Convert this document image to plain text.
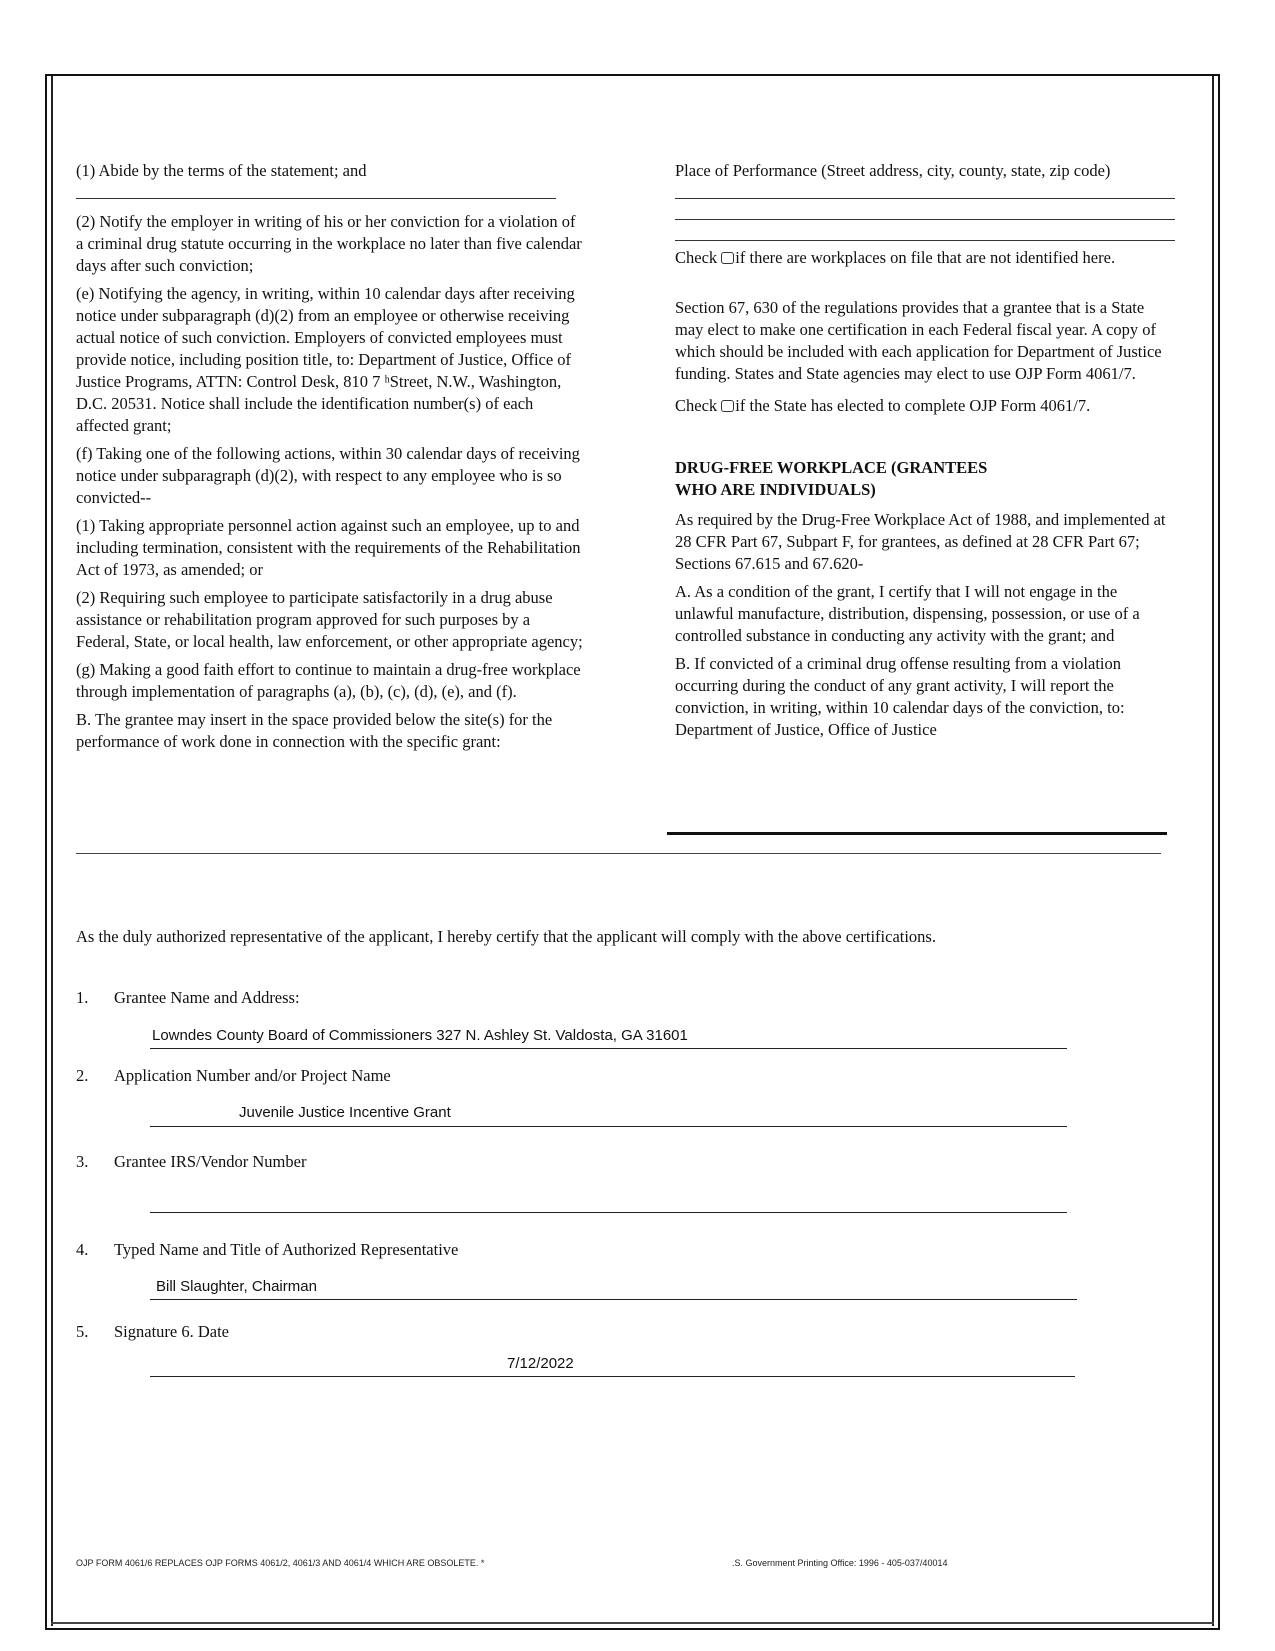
(1) Abide by the terms of the statement; and

(2) Notify the employer in writing of his or her conviction for a violation of a criminal drug statute occurring in the workplace no later than five calendar days after such conviction;

(e) Notifying the agency, in writing, within 10 calendar days after receiving notice under subparagraph (d)(2) from an employee or otherwise receiving actual notice of such conviction. Employers of convicted employees must provide notice, including position title, to: Department of Justice, Office of Justice Programs, ATTN: Control Desk, 810 7 ʰStreet, N.W., Washington, D.C. 20531. Notice shall include the identification number(s) of each affected grant;

(f) Taking one of the following actions, within 30 calendar days of receiving notice under subparagraph (d)(2), with respect to any employee who is so convicted--

(1) Taking appropriate personnel action against such an employee, up to and including termination, consistent with the requirements of the Rehabilitation Act of 1973, as amended; or

(2) Requiring such employee to participate satisfactorily in a drug abuse assistance or rehabilitation program approved for such purposes by a Federal, State, or local health, law enforcement, or other appropriate agency;

(g) Making a good faith effort to continue to maintain a drug-free workplace through implementation of paragraphs (a), (b), (c), (d), (e), and (f).

B. The grantee may insert in the space provided below the site(s) for the performance of work done in connection with the specific grant:

Place of Performance (Street address, city, county, state, zip code)

Check if there are workplaces on file that are not identified here.

Section 67, 630 of the regulations provides that a grantee that is a State may elect to make one certification in each Federal fiscal year. A copy of which should be included with each application for Department of Justice funding. States and State agencies may elect to use OJP Form 4061/7.

Check if the State has elected to complete OJP Form 4061/7.

DRUG-FREE WORKPLACE (GRANTEES
WHO ARE INDIVIDUALS)

As required by the Drug-Free Workplace Act of 1988, and implemented at 28 CFR Part 67, Subpart F, for grantees, as defined at 28 CFR Part 67; Sections 67.615 and 67.620-

A. As a condition of the grant, I certify that I will not engage in the unlawful manufacture, distribution, dispensing, possession, or use of a controlled substance in conducting any activity with the grant; and

B. If convicted of a criminal drug offense resulting from a violation occurring during the conduct of any grant activity, I will report the conviction, in writing, within 10 calendar days of the conviction, to: Department of Justice, Office of Justice

As the duly authorized representative of the applicant, I hereby certify that the applicant will comply with the above certifications.
1. Grantee Name and Address:
Lowndes County Board of Commissioners 327 N. Ashley St. Valdosta, GA 31601
2. Application Number and/or Project Name
Juvenile Justice Incentive Grant
3. Grantee IRS/Vendor Number
4. Typed Name and Title of Authorized Representative
Bill Slaughter, Chairman
5. Signature 6. Date
7/12/2022
OJP FORM 4061/6 REPLACES OJP FORMS 4061/2, 4061/3 AND 4061/4 WHICH ARE OBSOLETE. *	.S. Government Printing Office: 1996 - 405-037/40014
